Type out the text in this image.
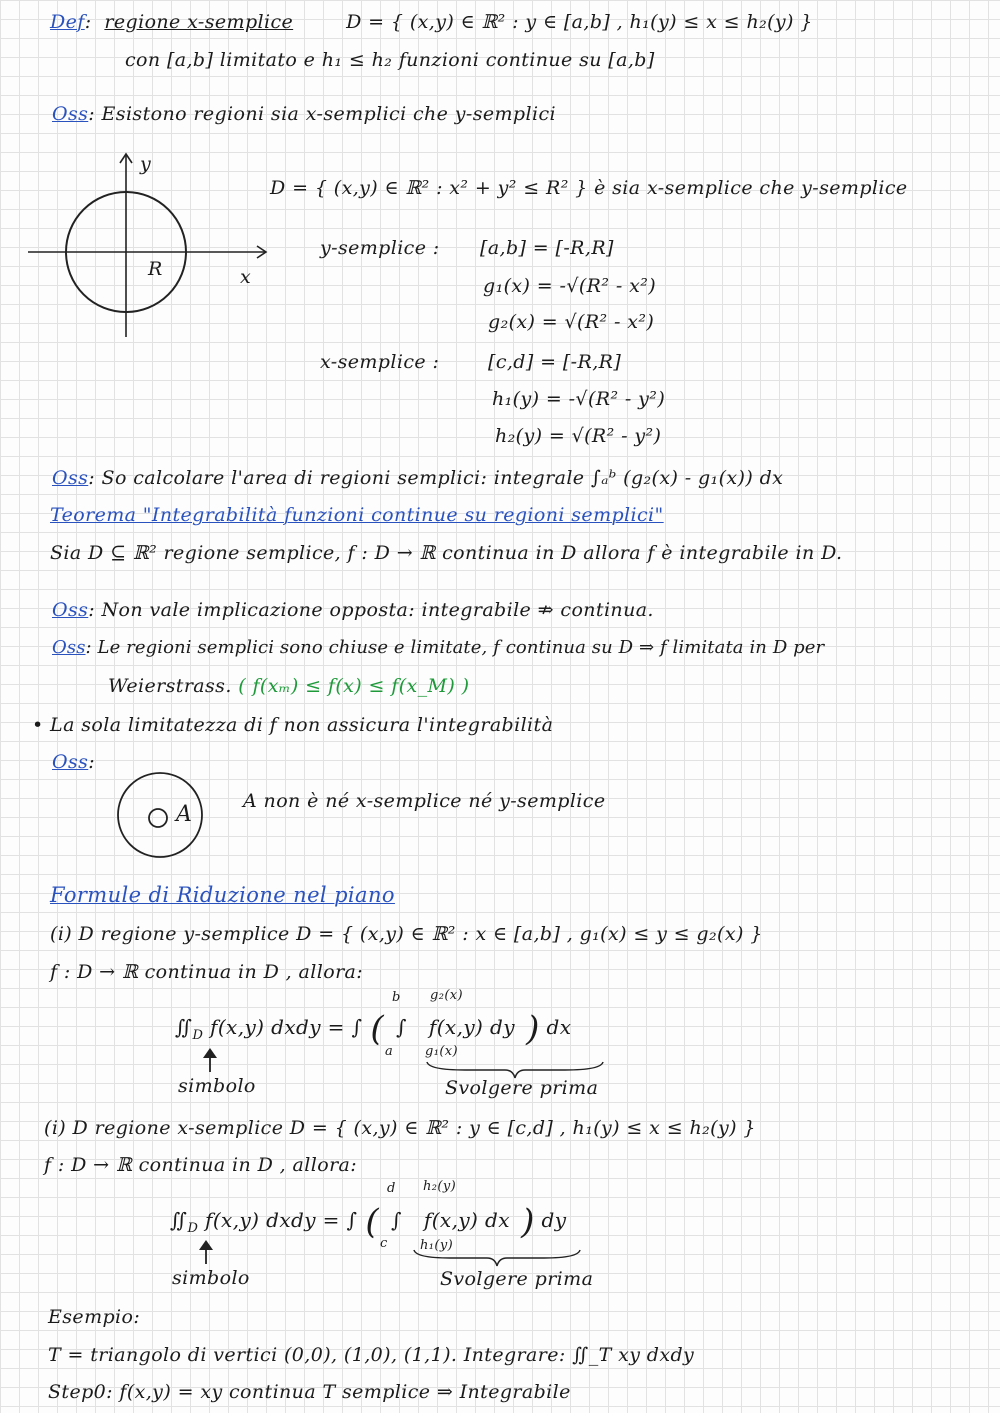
Def:  regione x-semplice	D = { (x,y) ∈ ℝ² : y ∈ [a,b] , h₁(y) ≤ x ≤ h₂(y) }
con [a,b] limitato e h₁ ≤ h₂ funzioni continue su [a,b]
Oss: Esistono regioni sia x-semplici che y-semplici
y
x
R
D = { (x,y) ∈ ℝ² : x² + y² ≤ R² } è sia x-semplice che y-semplice
y-semplice : [a,b] = [-R,R]
g₁(x) = -√(R² - x²)
g₂(x) = √(R² - x²)
x-semplice :	[c,d] = [-R,R]
h₁(y) = -√(R² - y²)
h₂(y) = √(R² - y²)
Oss: So calcolare l'area di regioni semplici: integrale ∫ₐᵇ (g₂(x) - g₁(x)) dx
Teorema "Integrabilità funzioni continue su regioni semplici"
Sia D ⊆ ℝ² regione semplice, f : D → ℝ continua in D allora f è integrabile in D.
Oss: Non vale implicazione opposta: integrabile ⇏ continua.
Oss: Le regioni semplici sono chiuse e limitate, f continua su D ⇒ f limitata in D per
Weierstrass. ( f(xₘ) ≤ f(x) ≤ f(x_M) )
• La sola limitatezza di f non assicura l'integrabilità
Oss:
A
A non è né x-semplice né y-semplice
Formule di Riduzione nel piano
(i) D regione y-semplice D = { (x,y) ∈ ℝ² : x ∈ [a,b] , g₁(x) ≤ y ≤ g₂(x) }
f : D → ℝ continua in D , allora:
$∬_D$ f(x,y) dxdy = ∫ ( ∫ f(x,y) dy ) dx
b
a
g₂(x)
g₁(x)
simbolo	Svolgere prima
(i) D regione x-semplice D = { (x,y) ∈ ℝ² : y ∈ [c,d] , h₁(y) ≤ x ≤ h₂(y) }
f : D → ℝ continua in D , allora:
$∬_D$ f(x,y) dxdy = ∫ ( ∫ f(x,y) dx ) dy
d
c
h₂(y)
h₁(y)
simbolo	Svolgere prima
Esempio:
T = triangolo di vertici (0,0), (1,0), (1,1). Integrare: ∬_T xy dxdy
Step0: f(x,y) = xy continua T semplice ⇒ Integrabile
